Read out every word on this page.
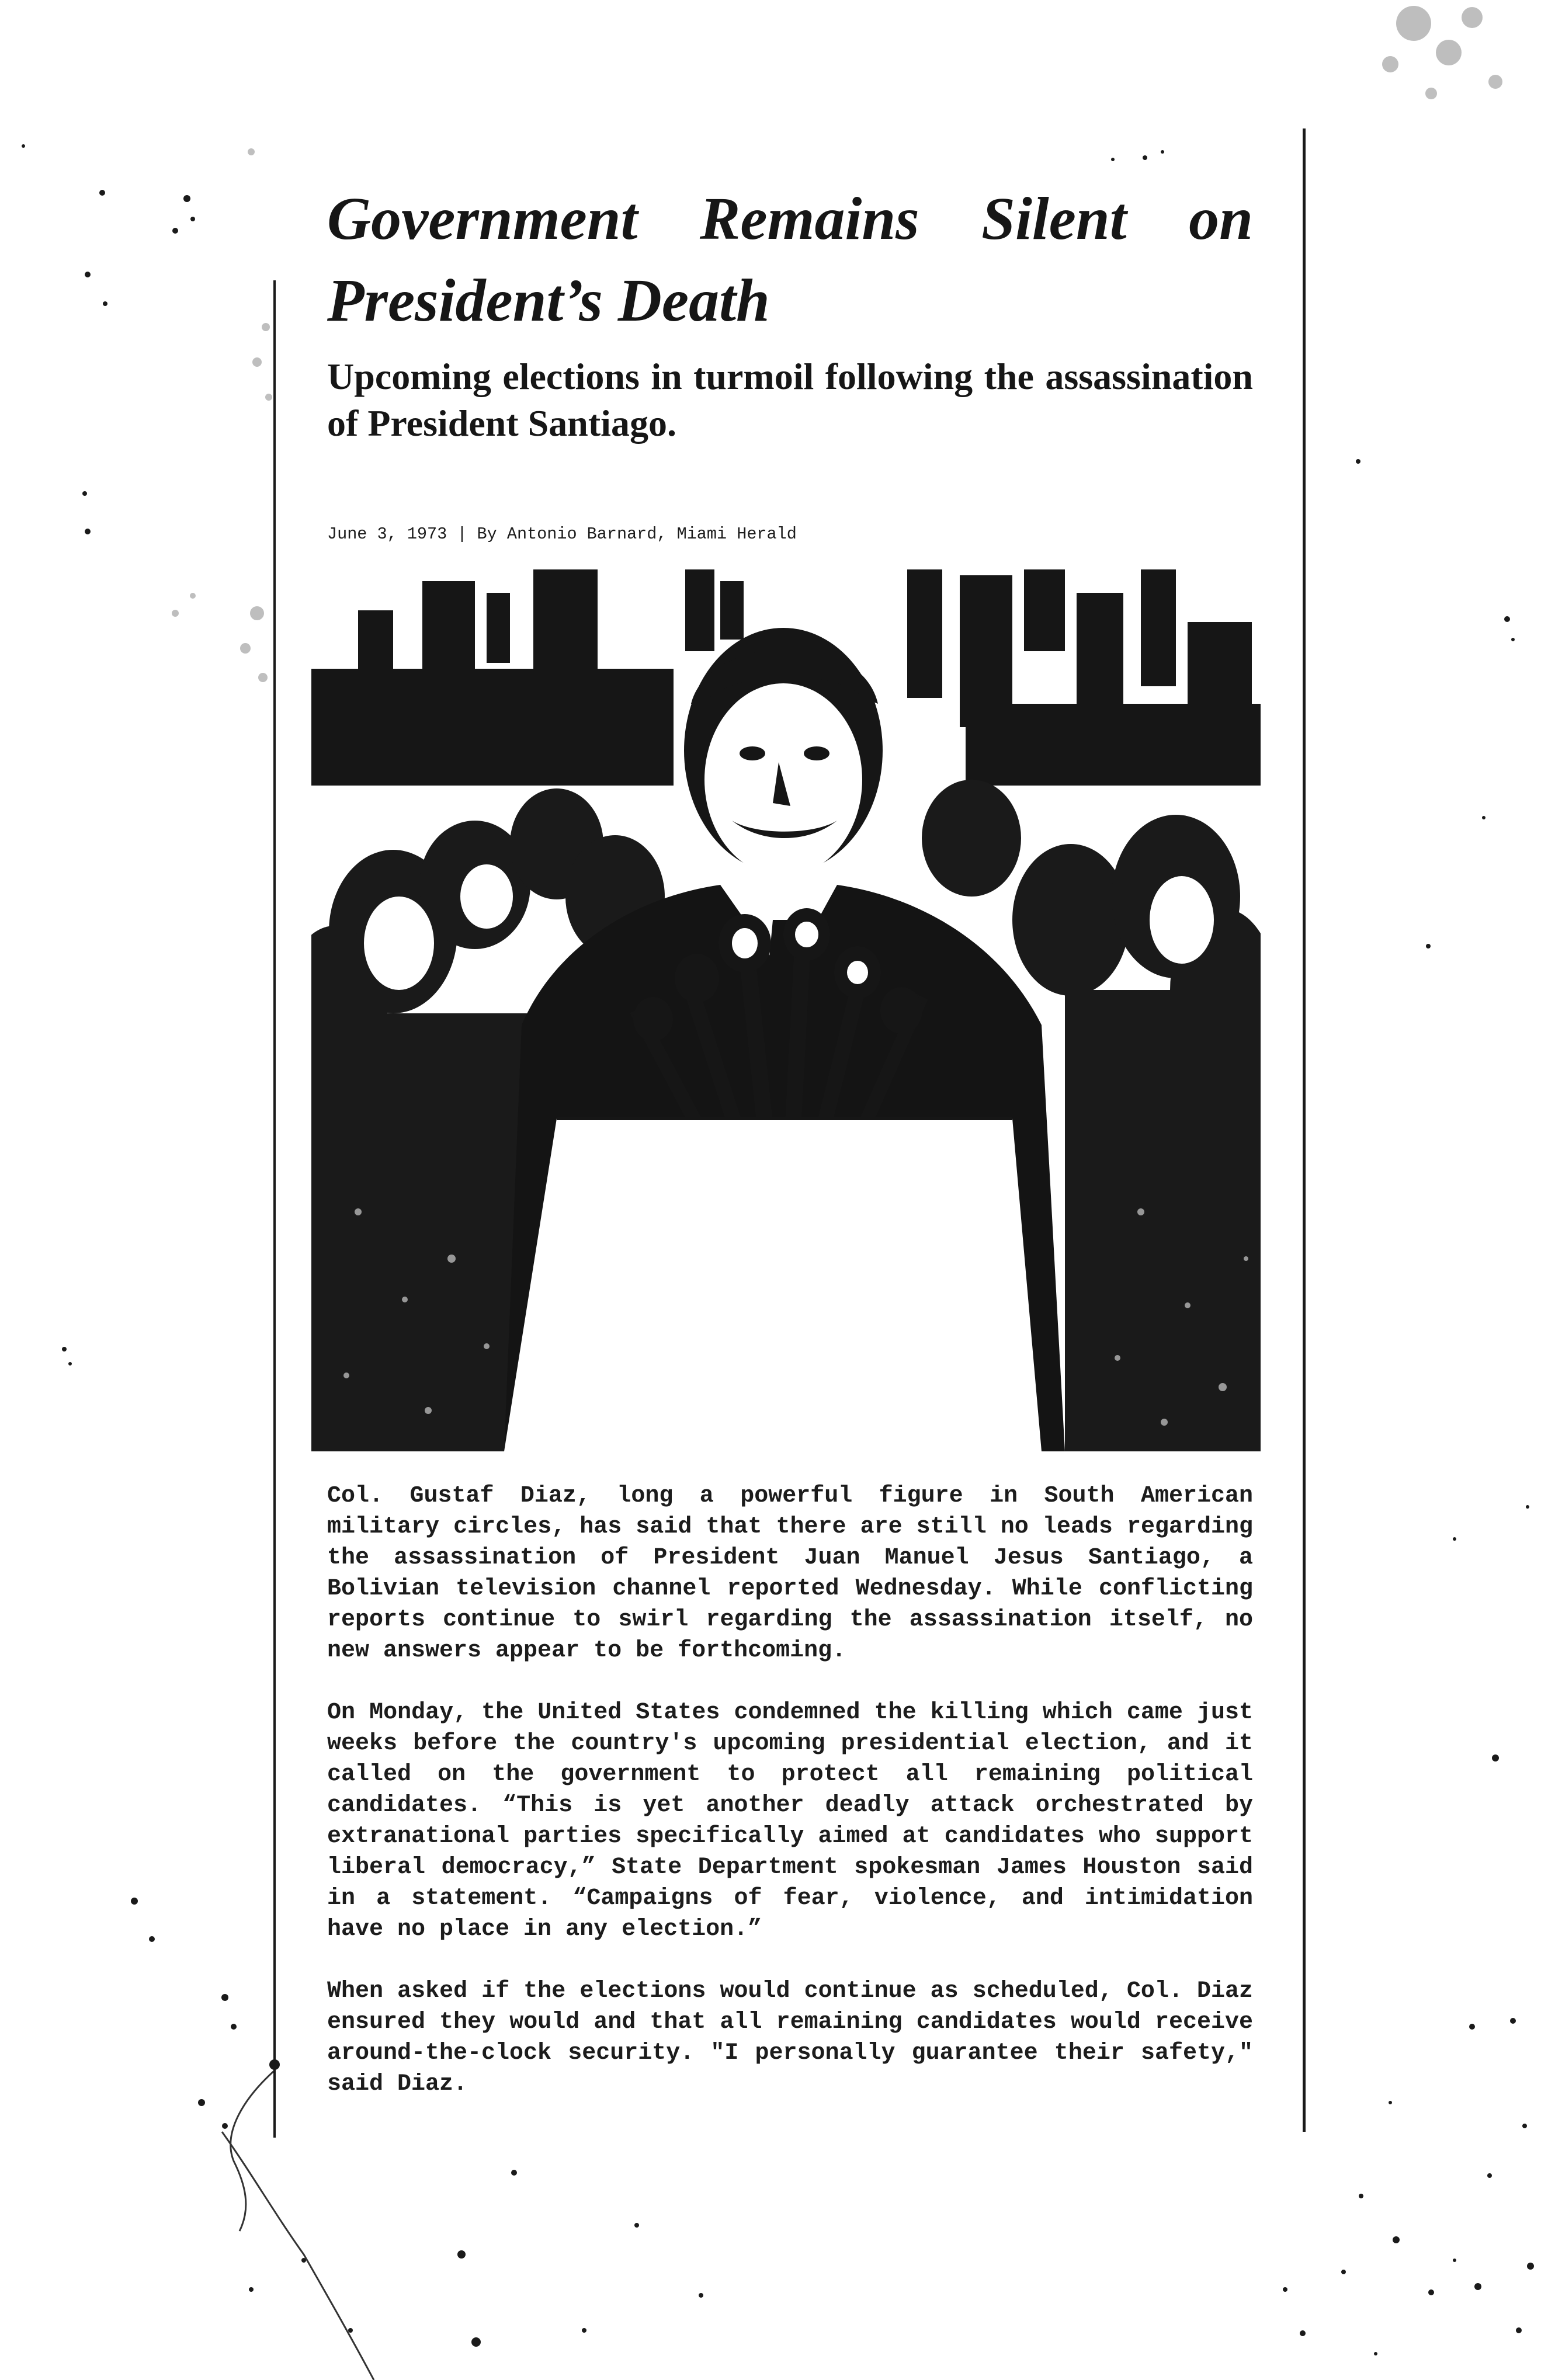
Government Remains Silent on President’s Death
Upcoming elections in turmoil following the assassination of President Santiago.
June 3, 1973 | By Antonio Barnard, Miami Herald

Col. Gustaf Diaz, long a powerful figure in South American military circles, has said that there are still no leads regarding the assassination of President Juan Manuel Jesus Santiago, a Bolivian television channel reported Wednesday. While conflicting reports continue to swirl regarding the assassination itself, no new answers appear to be forthcoming.

On Monday, the United States condemned the killing which came just weeks before the country's upcoming presidential election, and it called on the government to protect all remaining political candidates. “This is yet another deadly attack orchestrated by extranational parties specifically aimed at candidates who support liberal democracy,” State Department spokesman James Houston said in a statement. “Campaigns of fear, violence, and intimidation have no place in any election.”

When asked if the elections would continue as scheduled, Col. Diaz ensured they would and that all remaining candidates would receive around-the-clock security. "I personally guarantee their safety," said Diaz.
